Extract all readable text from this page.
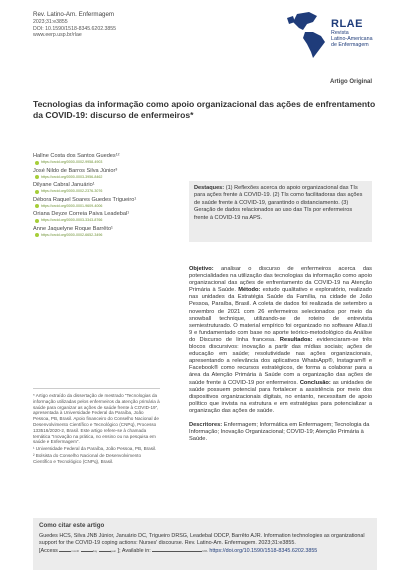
Rev. Latino-Am. Enfermagem
2023;31:e3855
DOI: 10.1590/1518-8345.6202.3855
www.eerp.usp.br/rlae
RLAE
Revista
Latino-Americana
de Enfermagem
Artigo Original
Tecnologias da informação como apoio organizacional das ações de enfrentamento da COVID-19: discurso de enfermeiros*
Hallne Costa dos Santos Guedes¹²
https://orcid.org/0000-0002-9958-4903
José Nildo de Barros Silva Júnior³
https://orcid.org/0000-0003-3956-8462
Dilyane Cabral Januário¹
https://orcid.org/0000-0002-2376-3076
Débora Raquel Soares Guedes Trigueiro¹
https://orcid.org/0000-0001-9609-4006
Oriana Deyze Correia Paiva Leadebal¹
https://orcid.org/0000-0003-3343-8766
Anne Jaquelyne Roque Barrêto¹
https://orcid.org/0000-0002-6652-3496
Destaques: (1) Reflexões acerca do apoio organizacional das TIs para ações frente à COVID-19. (2) TIs como facilitadoras das ações de saúde frente à COVID-19, garantindo o distanciamento. (3) Geração de dados relacionados ao uso das TIs por enfermeiros frente à COVID-19 na APS.

* Artigo extraído da dissertação de mestrado “Tecnologias da informação utilizadas pelos enfermeiros da atenção primária à saúde para organizar as ações de saúde frente à COVID-19”, apresentada à Universidade Federal da Paraíba, João Pessoa, PB, Brasil. Apoio financeiro do Conselho Nacional de Desenvolvimento Científico e Tecnológico (CNPq), Processo 133516/2020-2, Brasil. Este artigo refere-se à chamada temática “Inovação na prática, no ensino ou na pesquisa em saúde e Enfermagem”.

¹ Universidade Federal da Paraíba, João Pessoa, PB, Brasil.

² Bolsista do Conselho Nacional de Desenvolvimento Científico e Tecnológico (CNPq), Brasil.

Objetivo: analisar o discurso de enfermeiros acerca das potencialidades na utilização das tecnologias da informação como apoio organizacional das ações de enfrentamento da COVID-19 na Atenção Primária à Saúde. Método: estudo qualitativo e exploratório, realizado nas unidades da Estratégia Saúde da Família, na cidade de João Pessoa, Paraíba, Brasil. A coleta de dados foi realizada de setembro a novembro de 2021 com 26 enfermeiros selecionados por meio da snowball technique, utilizando-se de roteiro de entrevista semiestruturado. O material empírico foi organizado no software Atlas.ti 9 e fundamentado com base no aporte teórico-metodológico da Análise do Discurso de linha francesa. Resultados: evidenciaram-se três blocos discursivos: inovação a partir das mídias sociais; ações de educação em saúde; resolutividade nas ações organizacionais, apresentando a relevância dos aplicativos WhatsApp®, Instagram® e Facebook® como recursos estratégicos, de forma a colaborar para a área da Atenção Primária à Saúde com a organização das ações de saúde frente à COVID-19 por enfermeiros. Conclusão: as unidades de saúde possuem potencial para fortalecer a assistência por meio dos dispositivos organizacionais digitais, no entanto, necessitam de apoio político que invista na estrutura e em estratégias para potencializar a organização das ações de saúde.
Descritores: Enfermagem; Informática em Enfermagem; Tecnologia da Informação; Inovação Organizacional; COVID-19; Atenção Primária à Saúde.
Como citar este artigo
Guedes HCS, Silva JNB Júnior, Januário DC, Trigueiro DRSG, Leadebal ODCP, Barrêto AJR. Information technologies as organizational support for the COVID-19 coping actions: Nurses' discourse. Rev. Latino-Am. Enfermagem. 2023;31:e3855.
[Access	month	day	year ]; Available in:	URL https://doi.org/10.1590/1518-8345.6202.3855
